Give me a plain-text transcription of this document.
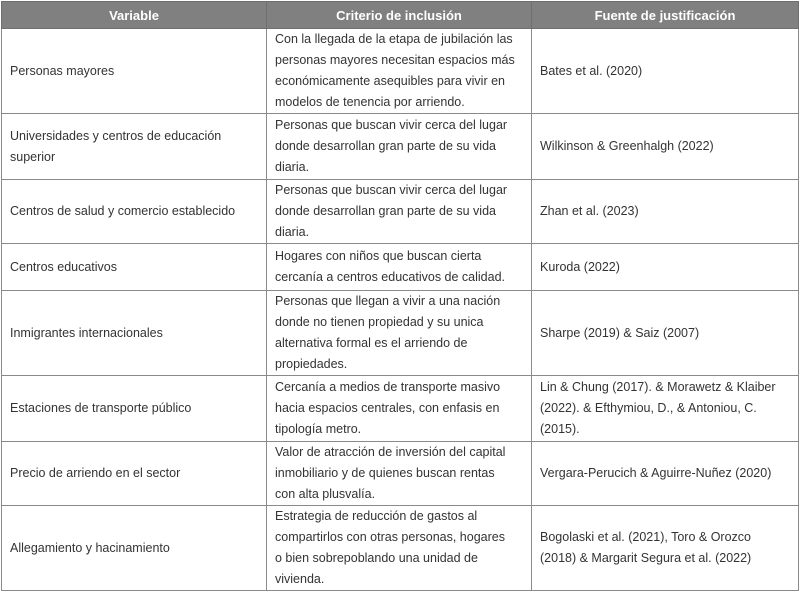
Variable	Criterio de inclusión	Fuente de justificación
Personas mayores	Con la llegada de la etapa de jubilación las
personas mayores necesitan espacios más
económicamente asequibles para vivir en
modelos de tenencia por arriendo.	Bates et al. (2020)
Universidades y centros de educación
superior	Personas que buscan vivir cerca del lugar
donde desarrollan gran parte de su vida
diaria.	Wilkinson & Greenhalgh (2022)
Centros de salud y comercio establecido	Personas que buscan vivir cerca del lugar
donde desarrollan gran parte de su vida
diaria.	Zhan et al. (2023)
Centros educativos	Hogares con niños que buscan cierta
cercanía a centros educativos de calidad.	Kuroda (2022)
Inmigrantes internacionales	Personas que llegan a vivir a una nación
donde no tienen propiedad y su unica
alternativa formal es el arriendo de
propiedades.	Sharpe (2019) & Saiz (2007)
Estaciones de transporte público	Cercanía a medios de transporte masivo
hacia espacios centrales, con enfasis en
tipología metro.	Lin & Chung (2017). & Morawetz & Klaiber
(2022). & Efthymiou, D., & Antoniou, C.
(2015).
Precio de arriendo en el sector	Valor de atracción de inversión del capital
inmobiliario y de quienes buscan rentas
con alta plusvalía.	Vergara-Perucich & Aguirre-Nuñez (2020)
Allegamiento y hacinamiento	Estrategia de reducción de gastos al
compartirlos con otras personas, hogares
o bien sobrepoblando una unidad de
vivienda.	Bogolaski et al. (2021), Toro & Orozco
(2018) & Margarit Segura et al. (2022)
